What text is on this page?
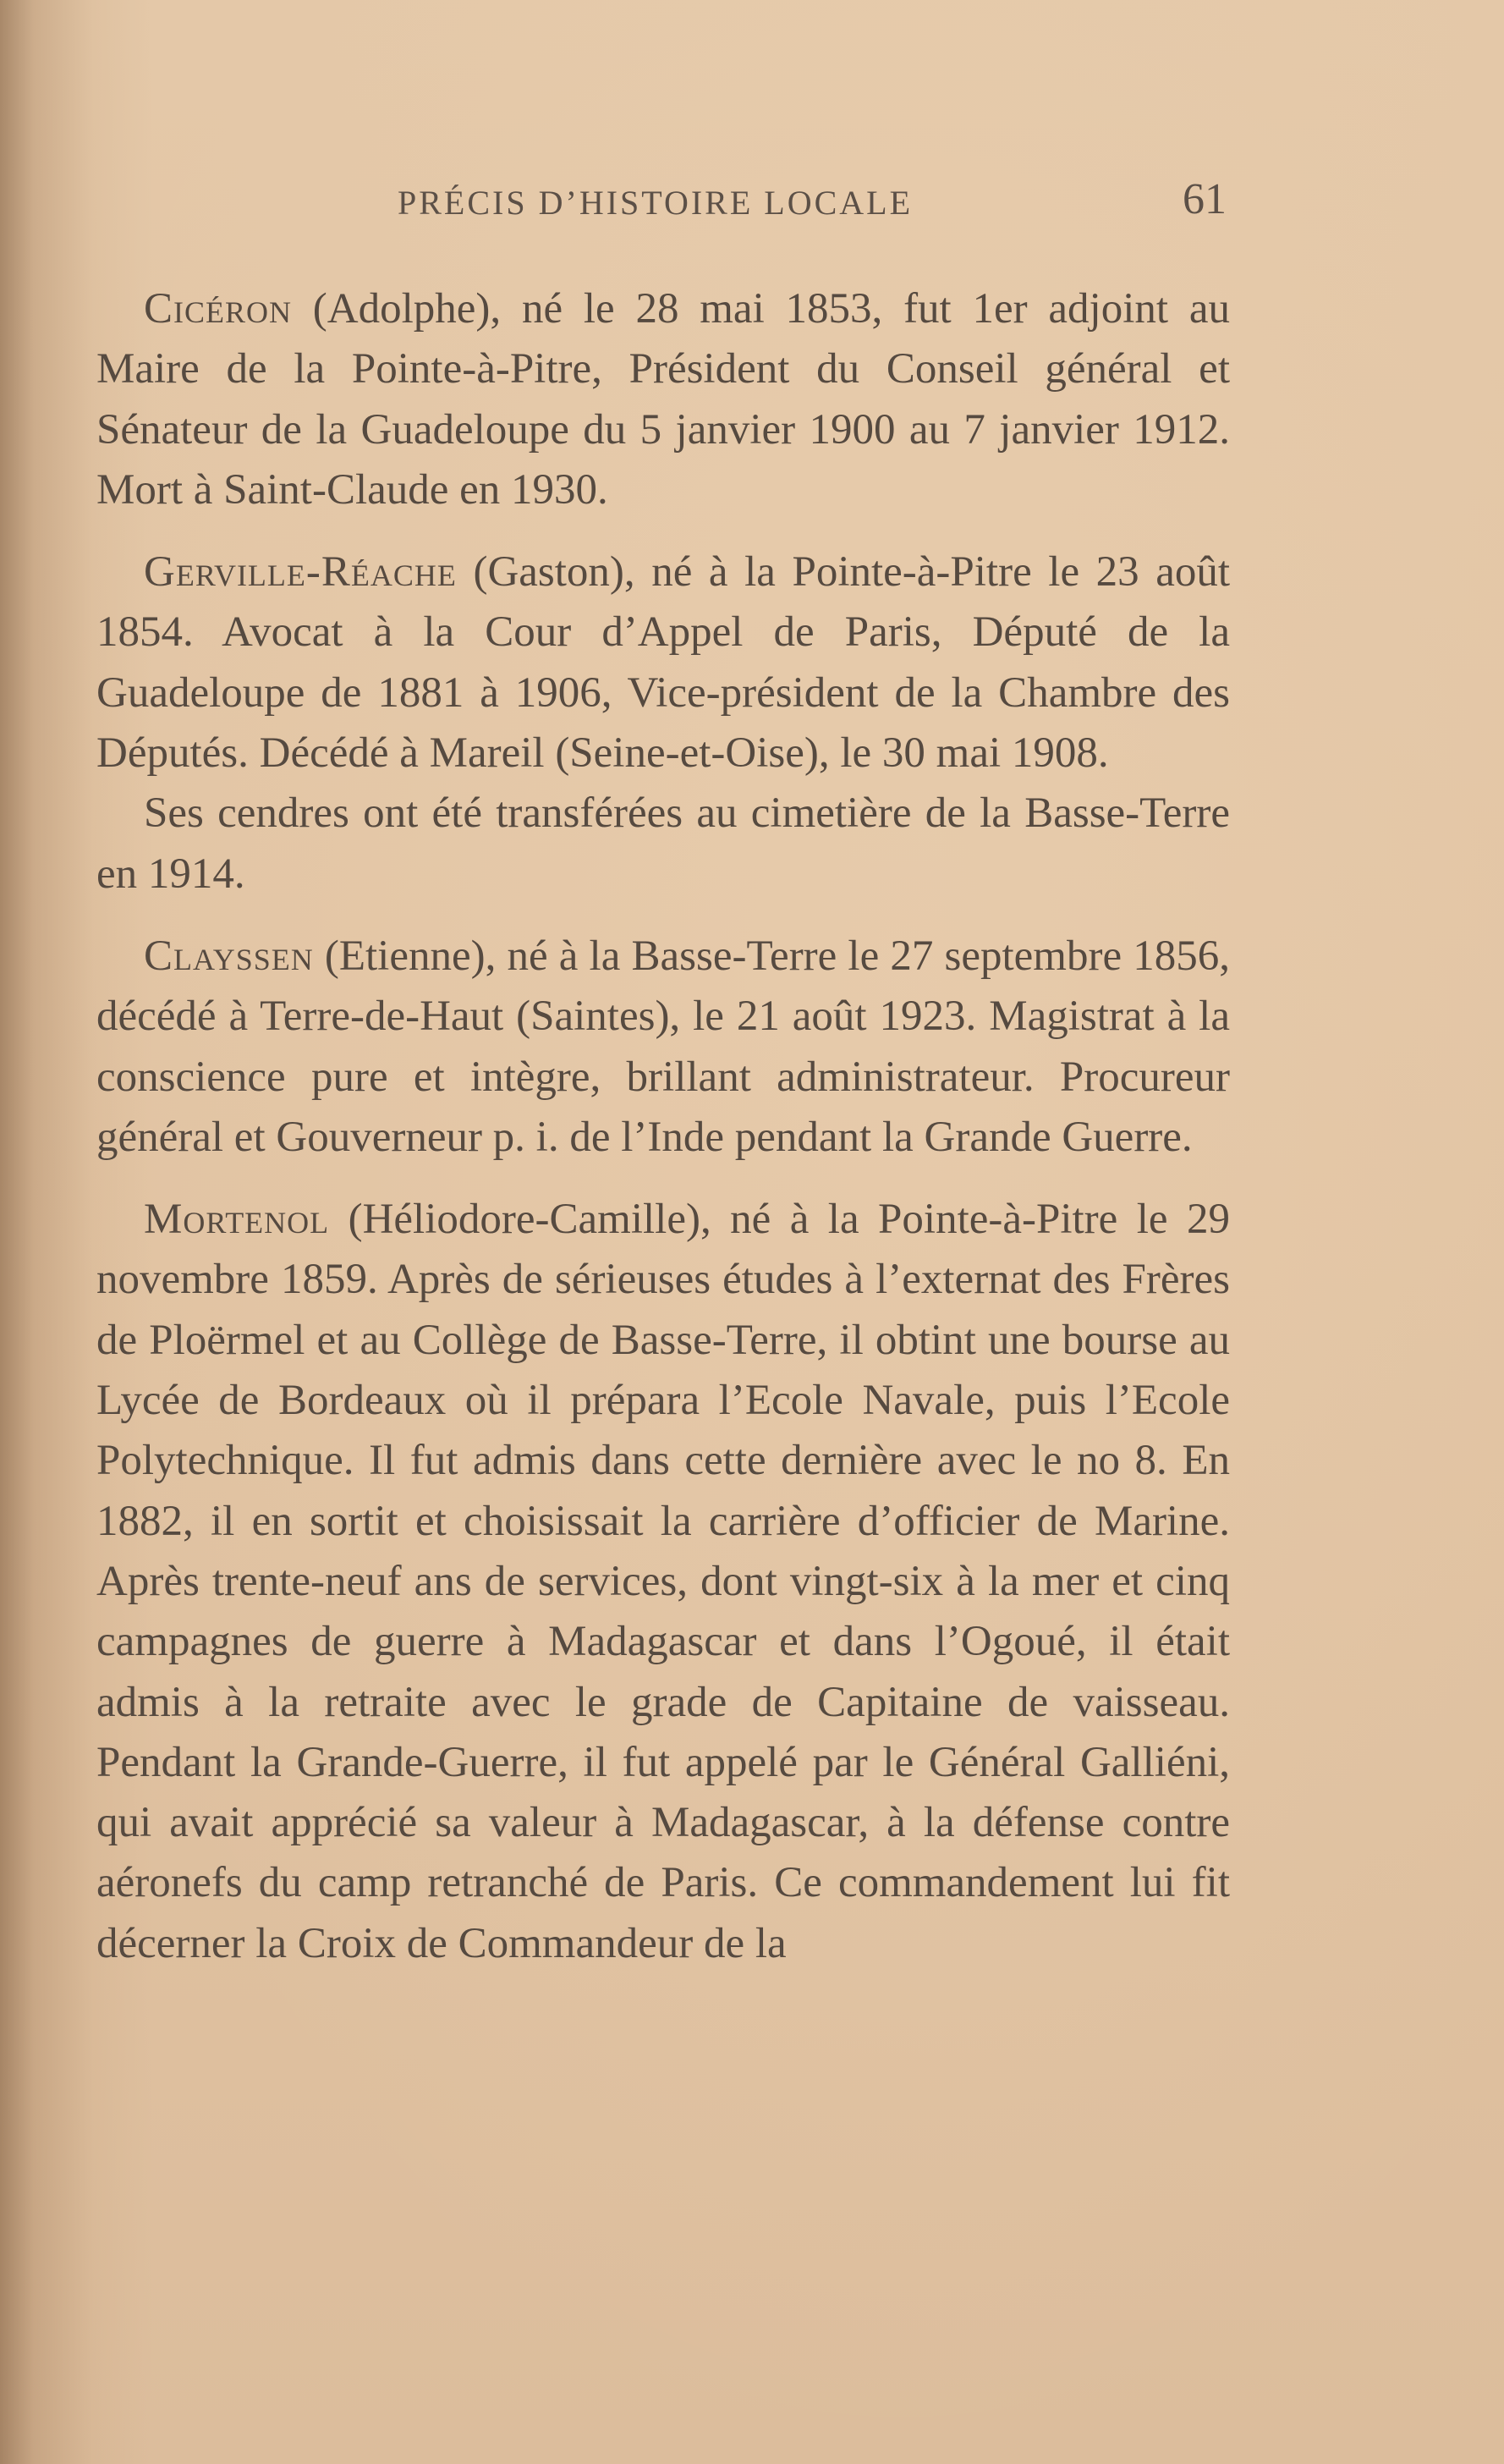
PRÉCIS D’HISTOIRE LOCALE	61

Cicéron (Adolphe), né le 28 mai 1853, fut 1er adjoint au Maire de la Pointe-à-Pitre, Président du Conseil général et Sénateur de la Guadeloupe du 5 janvier 1900 au 7 janvier 1912. Mort à Saint-Claude en 1930.

Gerville-Réache (Gaston), né à la Pointe-à-Pitre le 23 août 1854. Avocat à la Cour d’Appel de Paris, Député de la Guadeloupe de 1881 à 1906, Vice-président de la Chambre des Députés. Décédé à Mareil (Seine-et-Oise), le 30 mai 1908.

Ses cendres ont été transférées au cimetière de la Basse-Terre en 1914.

Clayssen (Etienne), né à la Basse-Terre le 27 septembre 1856, décédé à Terre-de-Haut (Saintes), le 21 août 1923. Magistrat à la conscience pure et intègre, brillant administrateur. Procureur général et Gouverneur p. i. de l’Inde pendant la Grande Guerre.

Mortenol (Héliodore-Camille), né à la Pointe-à-Pitre le 29 novembre 1859. Après de sérieuses études à l’externat des Frères de Ploërmel et au Collège de Basse-Terre, il obtint une bourse au Lycée de Bordeaux où il prépara l’Ecole Navale, puis l’Ecole Polytechnique. Il fut admis dans cette dernière avec le no 8. En 1882, il en sortit et choisissait la carrière d’officier de Marine. Après trente-neuf ans de services, dont vingt-six à la mer et cinq campagnes de guerre à Madagascar et dans l’Ogoué, il était admis à la retraite avec le grade de Capitaine de vaisseau. Pendant la Grande-Guerre, il fut appelé par le Général Galliéni, qui avait apprécié sa valeur à Madagascar, à la défense contre aéronefs du camp retranché de Paris. Ce commandement lui fit décerner la Croix de Commandeur de la
